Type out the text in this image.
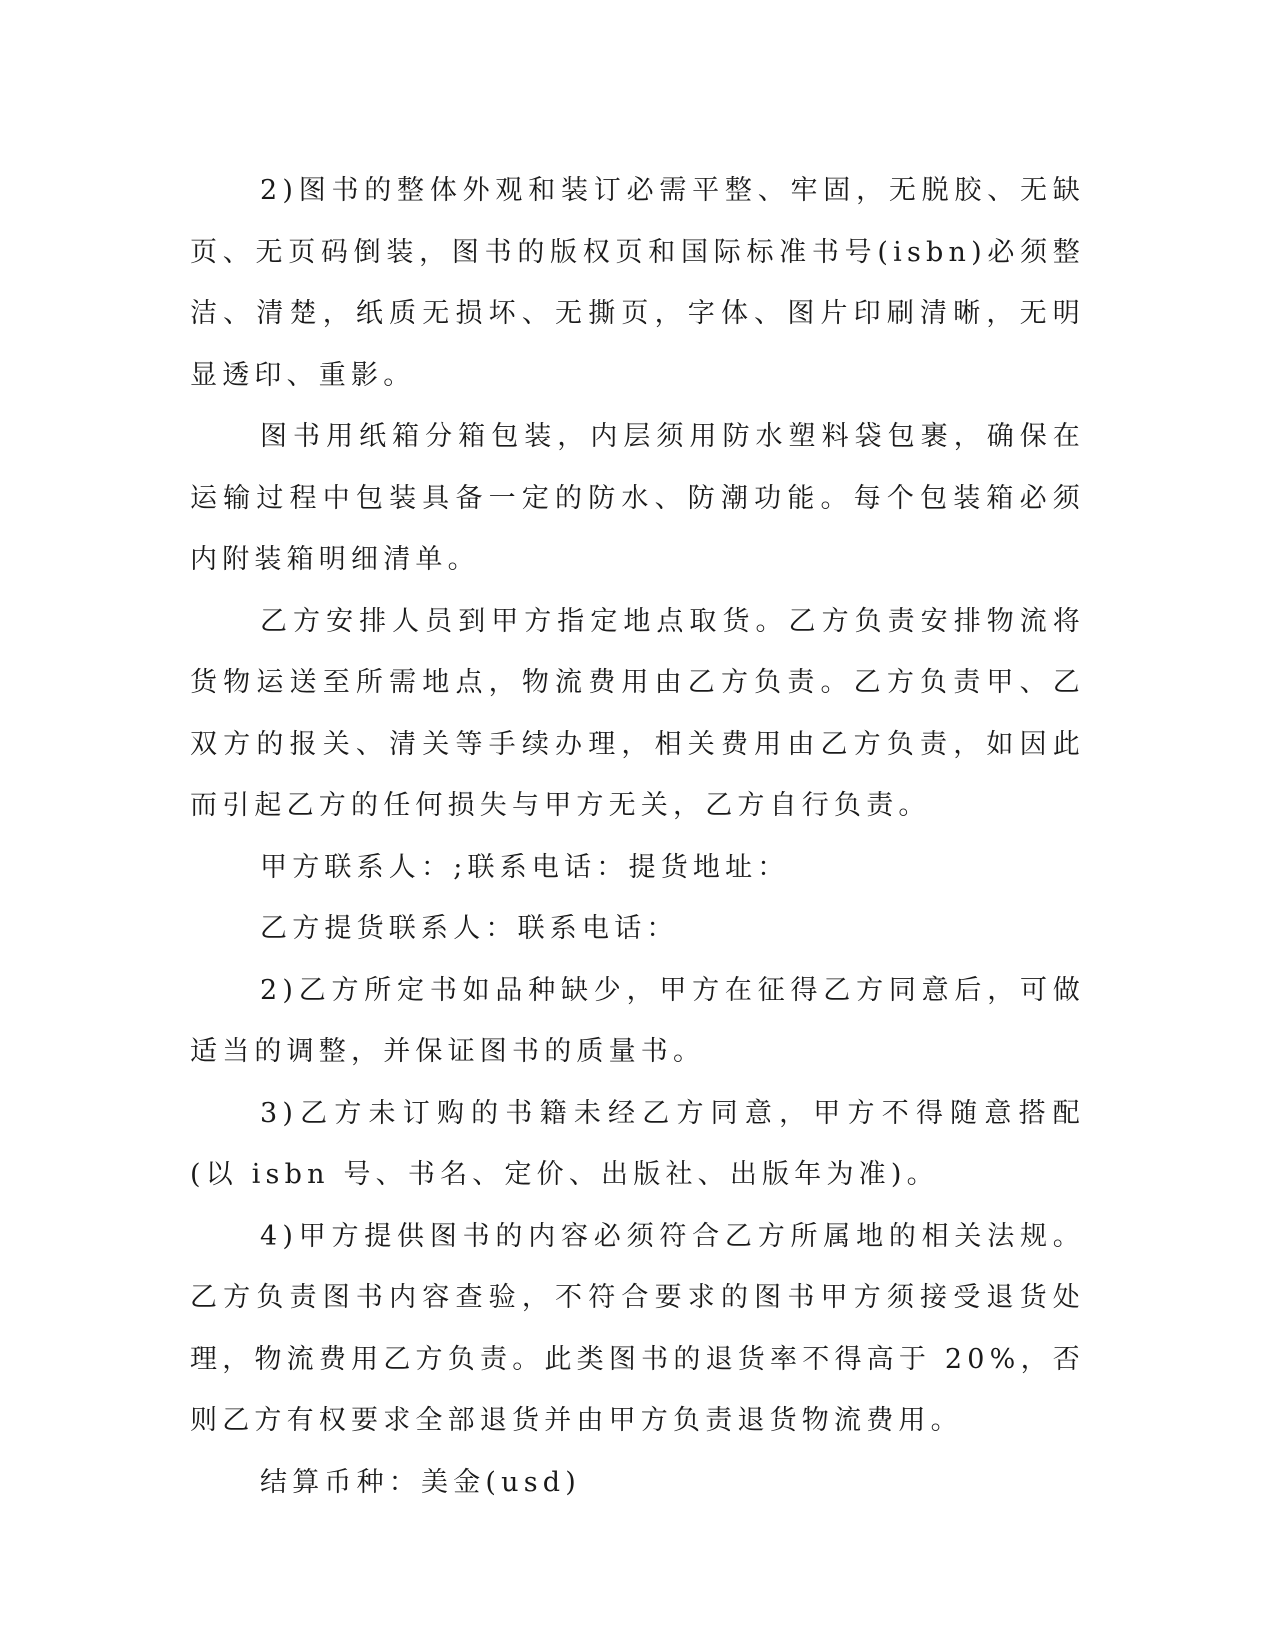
2)图书的整体外观和装订必需平整、牢固，无脱胶、无缺页、无页码倒装，图书的版权页和国际标准书号(isbn)必须整洁、清楚，纸质无损坏、无撕页，字体、图片印刷清晰，无明显透印、重影。

图书用纸箱分箱包装，内层须用防水塑料袋包裹，确保在运输过程中包装具备一定的防水、防潮功能。每个包装箱必须内附装箱明细清单。

乙方安排人员到甲方指定地点取货。乙方负责安排物流将货物运送至所需地点，物流费用由乙方负责。乙方负责甲、乙双方的报关、清关等手续办理，相关费用由乙方负责，如因此而引起乙方的任何损失与甲方无关，乙方自行负责。

甲方联系人：;联系电话：提货地址：

乙方提货联系人：联系电话：

2)乙方所定书如品种缺少，甲方在征得乙方同意后，可做适当的调整，并保证图书的质量书。

3)乙方未订购的书籍未经乙方同意，甲方不得随意搭配(以 isbn 号、书名、定价、出版社、出版年为准)。

4)甲方提供图书的内容必须符合乙方所属地的相关法规。乙方负责图书内容查验，不符合要求的图书甲方须接受退货处理，物流费用乙方负责。此类图书的退货率不得高于 20%，否则乙方有权要求全部退货并由甲方负责退货物流费用。

结算币种：美金(usd)
